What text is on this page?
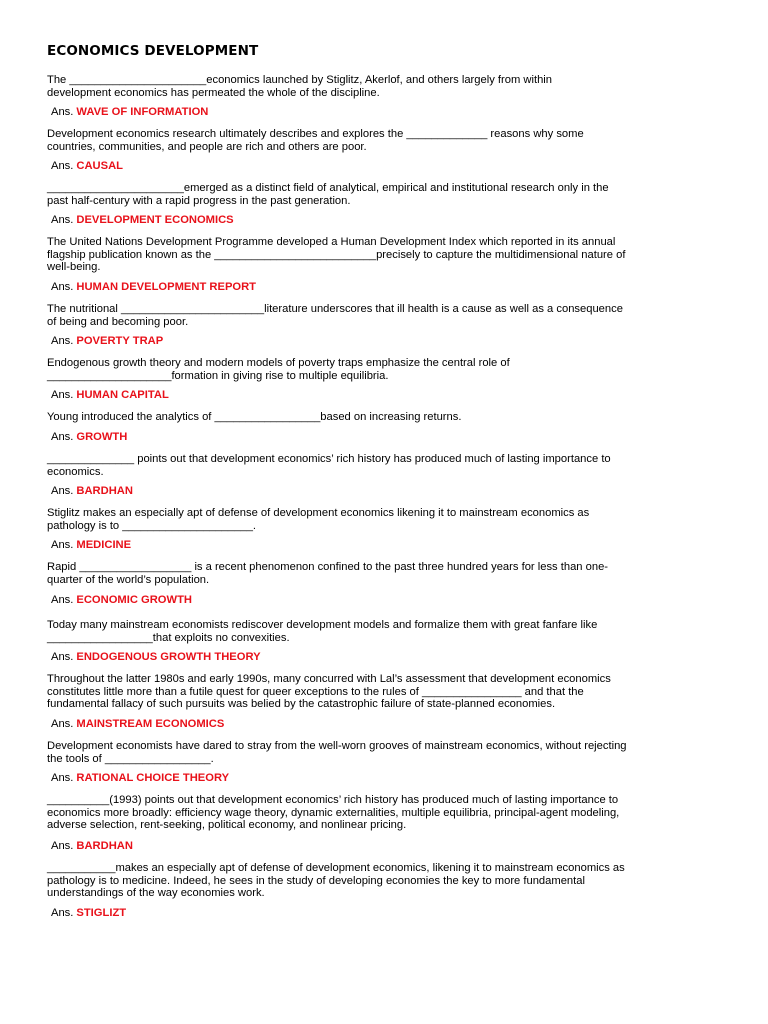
ECONOMICS DEVELOPMENT

The ______________________economics launched by Stiglitz, Akerlof, and others largely from within
development economics has permeated the whole of the discipline.

Ans. WAVE OF INFORMATION

Development economics research ultimately describes and explores the _____________ reasons why some
countries, communities, and people are rich and others are poor.

Ans. CAUSAL

______________________emerged as a distinct field of analytical, empirical and institutional research only in the
past half-century with a rapid progress in the past generation.

Ans. DEVELOPMENT ECONOMICS

The United Nations Development Programme developed a Human Development Index which reported in its annual
flagship publication known as the __________________________precisely to capture the multidimensional nature of
well-being.

Ans. HUMAN DEVELOPMENT REPORT

The nutritional _______________________literature underscores that ill health is a cause as well as a consequence
of being and becoming poor.

Ans. POVERTY TRAP

Endogenous growth theory and modern models of poverty traps emphasize the central role of
____________________formation in giving rise to multiple equilibria.

Ans. HUMAN CAPITAL

Young introduced the analytics of _________________based on increasing returns.

Ans. GROWTH

______________ points out that development economics’ rich history has produced much of lasting importance to
economics.

Ans. BARDHAN

Stiglitz makes an especially apt of defense of development economics likening it to mainstream economics as
pathology is to _____________________.

Ans. MEDICINE

Rapid __________________ is a recent phenomenon confined to the past three hundred years for less than one-
quarter of the world’s population.

Ans. ECONOMIC GROWTH

Today many mainstream economists rediscover development models and formalize them with great fanfare like
_________________that exploits no convexities.

Ans. ENDOGENOUS GROWTH THEORY

Throughout the latter 1980s and early 1990s, many concurred with Lal’s assessment that development economics
constitutes little more than a futile quest for queer exceptions to the rules of ________________ and that the
fundamental fallacy of such pursuits was belied by the catastrophic failure of state-planned economies.

Ans. MAINSTREAM ECONOMICS

Development economists have dared to stray from the well-worn grooves of mainstream economics, without rejecting
the tools of _________________.

Ans. RATIONAL CHOICE THEORY

__________(1993) points out that development economics’ rich history has produced much of lasting importance to
economics more broadly: efficiency wage theory, dynamic externalities, multiple equilibria, principal-agent modeling,
adverse selection, rent-seeking, political economy, and nonlinear pricing.

Ans. BARDHAN

___________makes an especially apt of defense of development economics, likening it to mainstream economics as
pathology is to medicine. Indeed, he sees in the study of developing economies the key to more fundamental
understandings of the way economies work.

Ans. STIGLIZT
